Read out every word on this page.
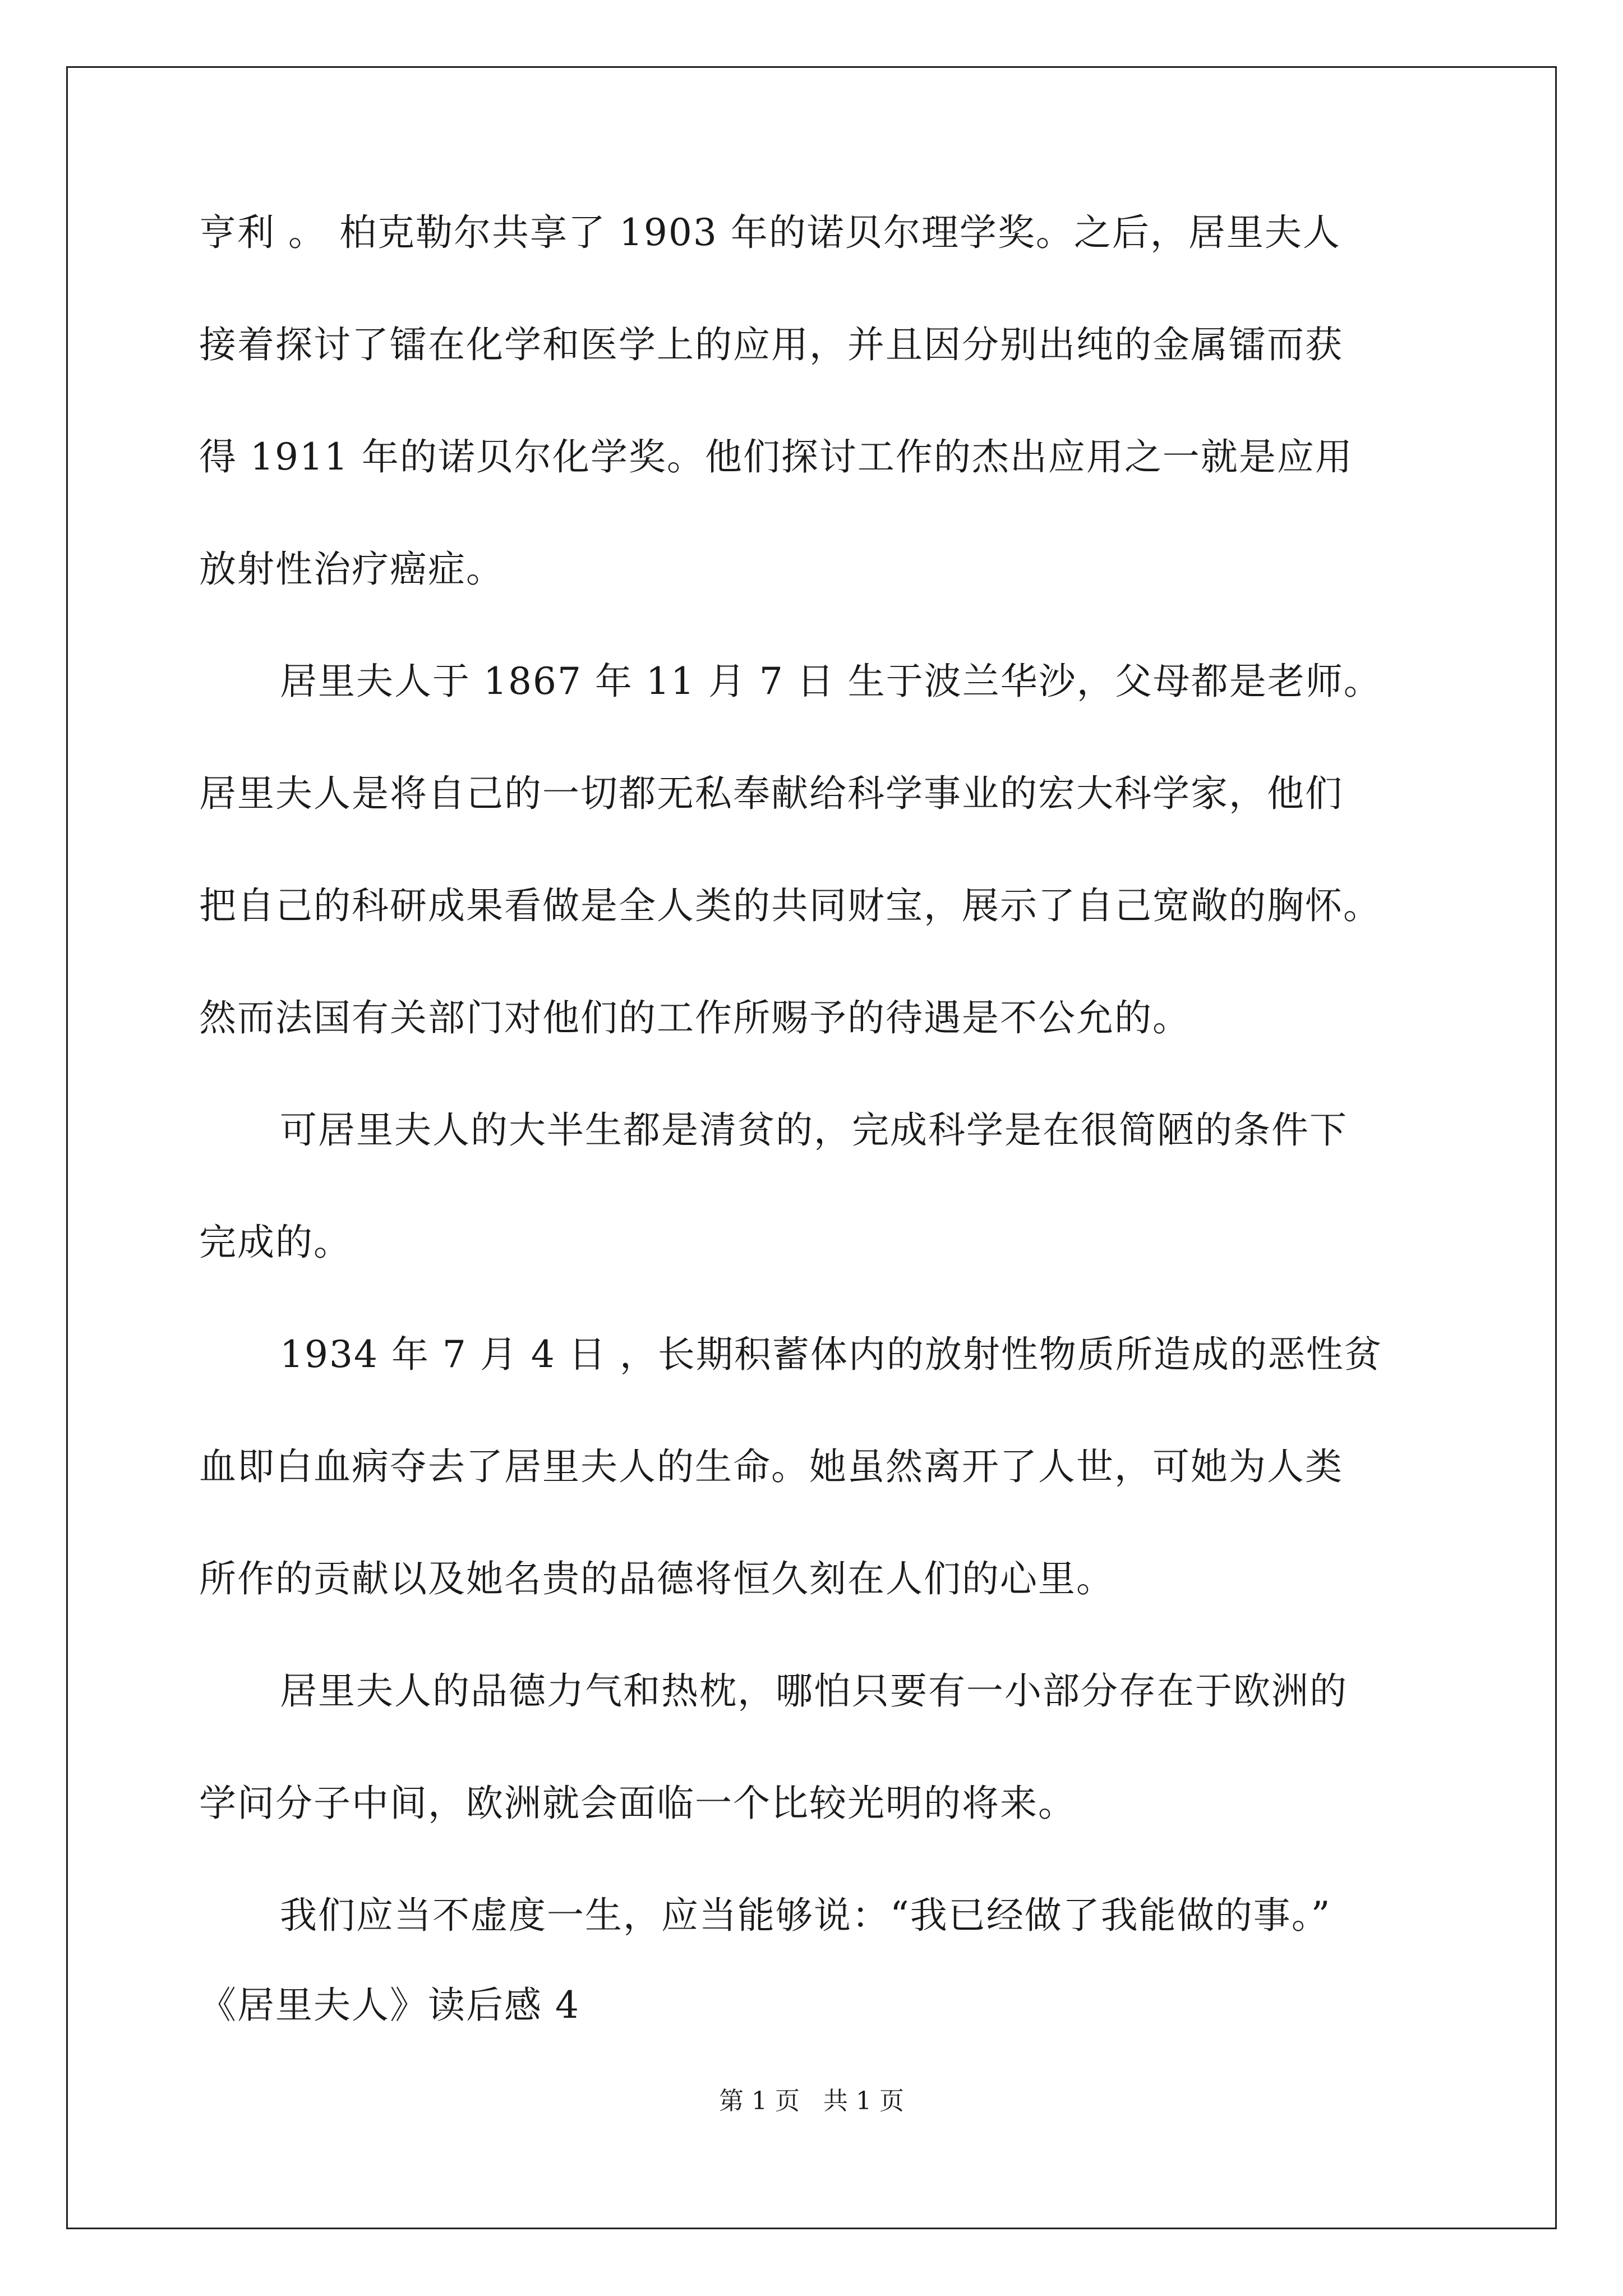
亨利 。 柏克勒尔共享了 1903 年的诺贝尔理学奖。之后，居里夫人
接着探讨了镭在化学和医学上的应用，并且因分别出纯的金属镭而获
得 1911 年的诺贝尔化学奖。他们探讨工作的杰出应用之一就是应用
放射性治疗癌症。
居里夫人于 1867 年 11 月 7 日 生于波兰华沙，父母都是老师。
居里夫人是将自己的一切都无私奉献给科学事业的宏大科学家，他们
把自己的科研成果看做是全人类的共同财宝，展示了自己宽敞的胸怀。
然而法国有关部门对他们的工作所赐予的待遇是不公允的。
可居里夫人的大半生都是清贫的，完成科学是在很简陋的条件下
完成的。
1934 年 7 月 4 日 ，长期积蓄体内的放射性物质所造成的恶性贫
血即白血病夺去了居里夫人的生命。她虽然离开了人世，可她为人类
所作的贡献以及她名贵的品德将恒久刻在人们的心里。
居里夫人的品德力气和热枕，哪怕只要有一小部分存在于欧洲的
学问分子中间，欧洲就会面临一个比较光明的将来。
我们应当不虚度一生，应当能够说：“我已经做了我能做的事。”
《居里夫人》读后感 4
第 1 页   共 1 页
